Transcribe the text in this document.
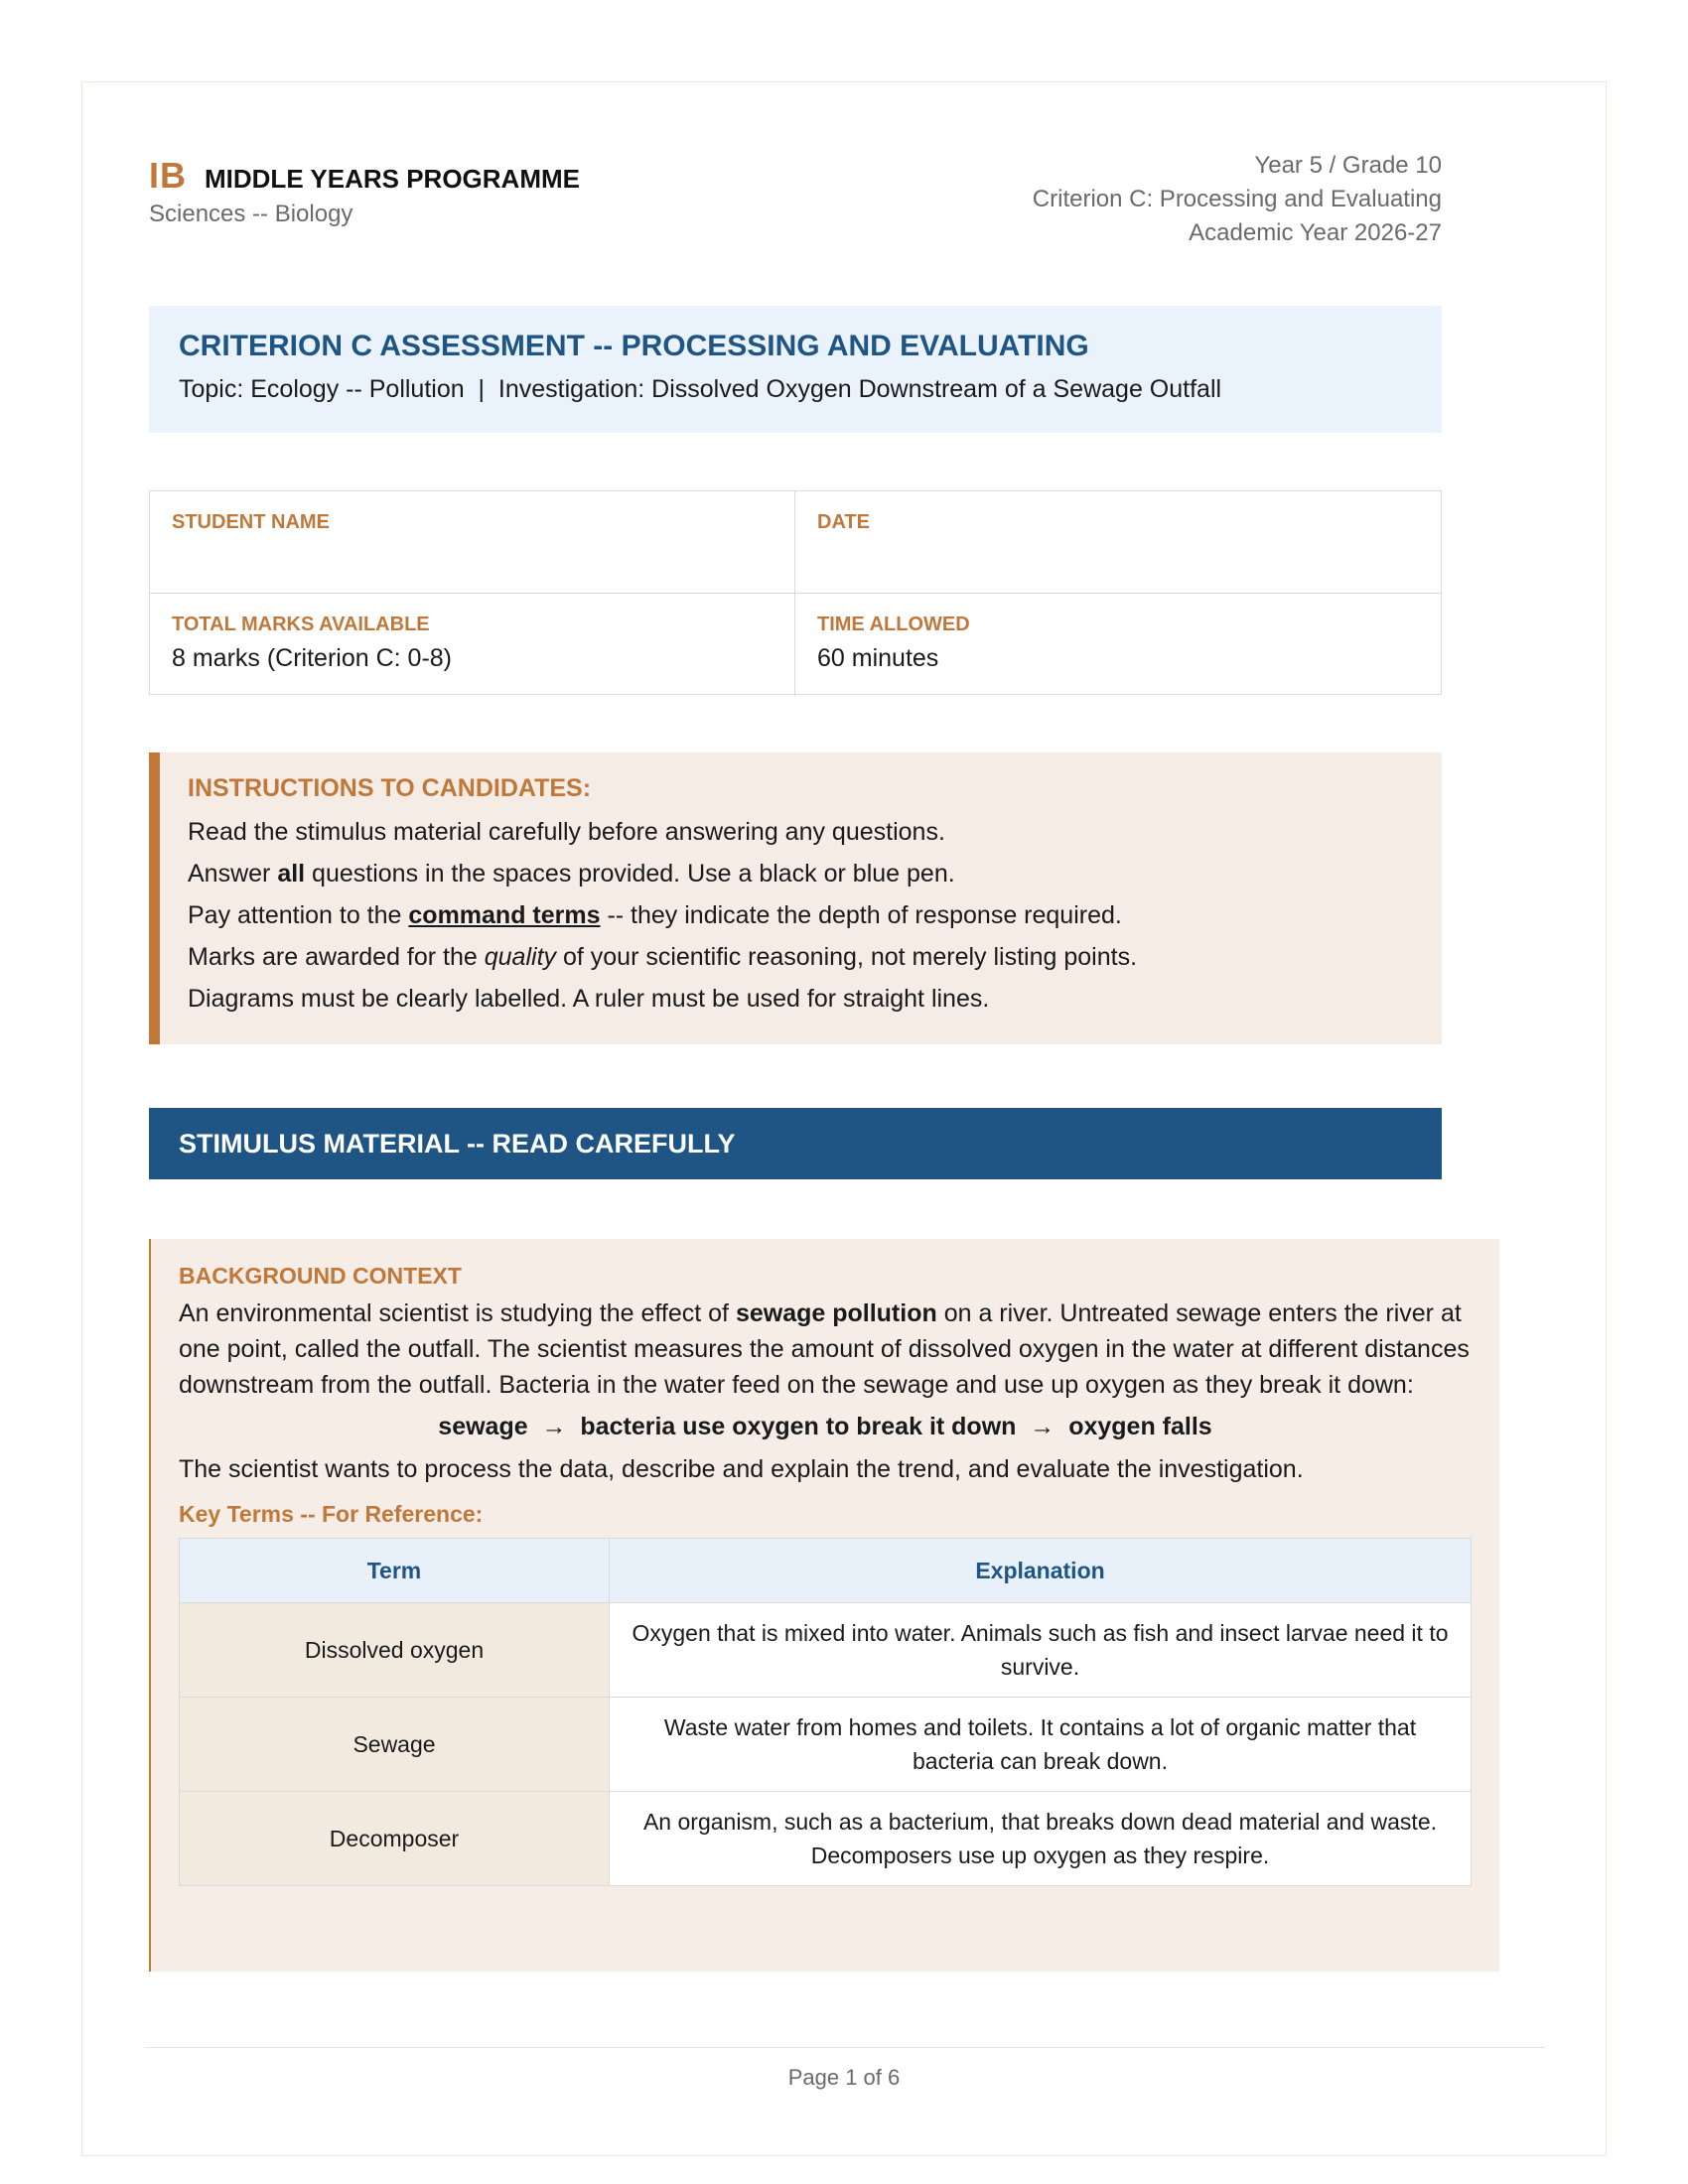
IB MIDDLE YEARS PROGRAMME
Sciences -- Biology
Year 5 / Grade 10
Criterion C: Processing and Evaluating
Academic Year 2026-27
CRITERION C ASSESSMENT -- PROCESSING AND EVALUATING
Topic: Ecology -- Pollution  |  Investigation: Dissolved Oxygen Downstream of a Sewage Outfall
STUDENT NAME	DATE
TOTAL MARKS AVAILABLE
8 marks (Criterion C: 0-8)
TIME ALLOWED
60 minutes
INSTRUCTIONS TO CANDIDATES:
Read the stimulus material carefully before answering any questions.
Answer all questions in the spaces provided. Use a black or blue pen.
Pay attention to the command terms -- they indicate the depth of response required.
Marks are awarded for the quality of your scientific reasoning, not merely listing points.
Diagrams must be clearly labelled. A ruler must be used for straight lines.
STIMULUS MATERIAL -- READ CAREFULLY
BACKGROUND CONTEXT
An environmental scientist is studying the effect of sewage pollution on a river. Untreated sewage enters the river at one point, called the outfall. The scientist measures the amount of dissolved oxygen in the water at different distances downstream from the outfall. Bacteria in the water feed on the sewage and use up oxygen as they break it down:
sewage  →  bacteria use oxygen to break it down  →  oxygen falls
The scientist wants to process the data, describe and explain the trend, and evaluate the investigation.
Key Terms -- For Reference:
Term	Explanation
Dissolved oxygen	Oxygen that is mixed into water. Animals such as fish and insect larvae need it to survive.
Sewage	Waste water from homes and toilets. It contains a lot of organic matter that bacteria can break down.
Decomposer	An organism, such as a bacterium, that breaks down dead material and waste. Decomposers use up oxygen as they respire.
Page 1 of 6
